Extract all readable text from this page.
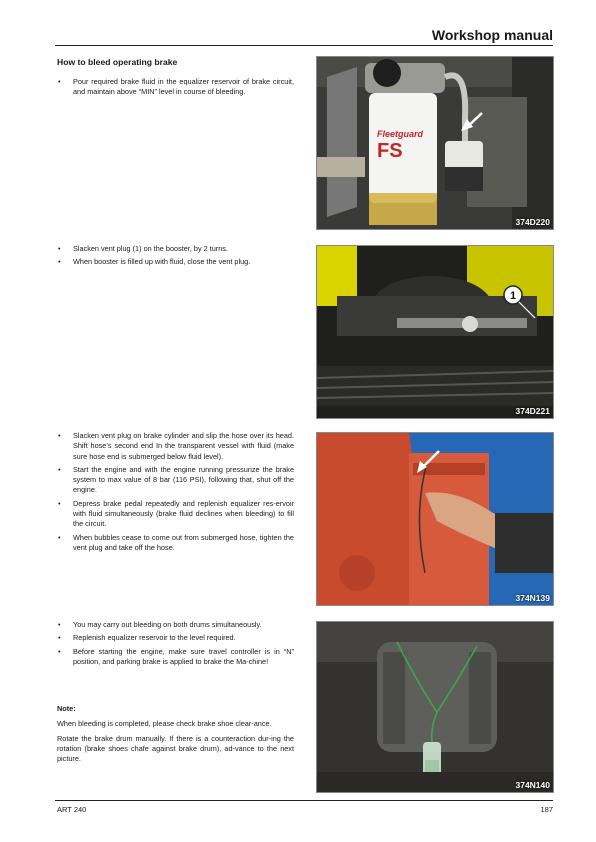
Workshop manual
How to bleed operating brake
• Pour required brake fluid in the equalizer reservoir of brake circuit, and maintain above “MIN” level in course of bleeding.
• Slacken vent plug (1) on the booster, by 2 turns.
• When booster is filled up with fluid, close the vent plug.
• Slacken vent plug on brake cylinder and slip the hose over its head. Shift hose’s second end In the transparent vessel with fluid (make sure hose end is submerged below fluid level).
• Start the engine and with the engine running pressurize the brake system to max value of 8 bar (116 PSI), following that, shut off the engine.
• Depress brake pedal repeatedly and replenish equalizer res-ervoir with fluid simultaneously (brake fluid declines when bleeding) to fill the circuit.
• When bubbles cease to come out from submerged hose, tighten the vent plug and take off the hose.
• You may carry out bleeding on both drums simultaneously.
• Replenish equalizer reservoir to the level required.
• Before starting the engine, make sure travel controller is in “N” position, and parking brake is applied to brake the Ma-chine!
Note:

When bleeding is completed, please check brake shoe clear-ance.

Rotate the brake drum manually. If there is a counteraction dur-ing the rotation (brake shoes chafe against brake drum), ad-vance to the next picture.

Fleetguard
FS
374D220
1
374D221
374N139
374N140
ART 240	187
